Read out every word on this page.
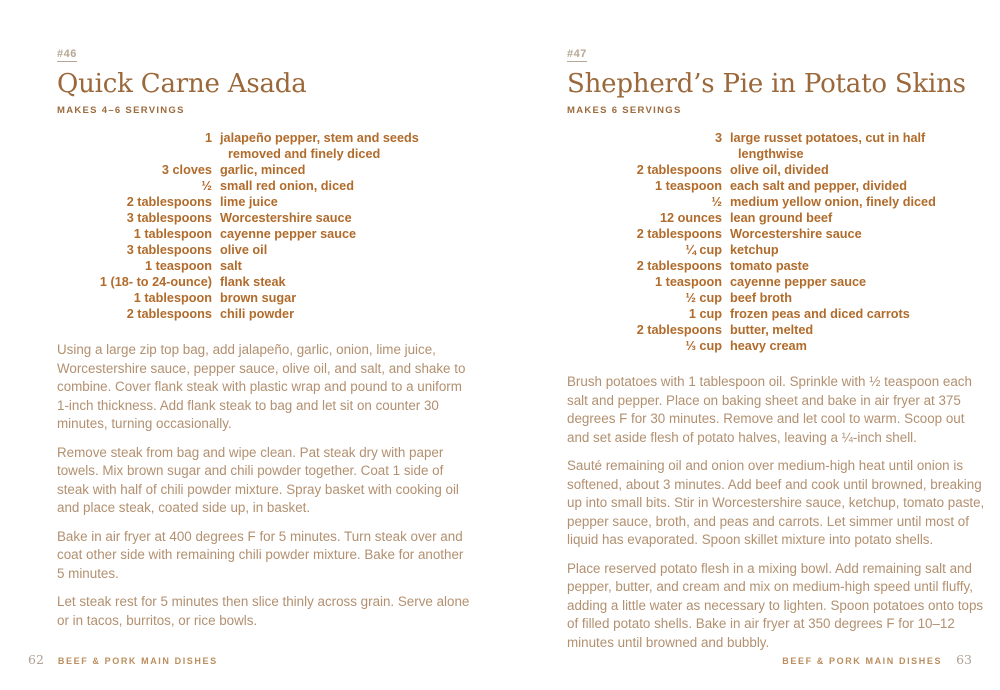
#46
Quick Carne Asada
MAKES 4–6 SERVINGS
1 jalapeño pepper, stem and seeds removed and finely diced
3 cloves garlic, minced
½ small red onion, diced
2 tablespoons lime juice
3 tablespoons Worcestershire sauce
1 tablespoon cayenne pepper sauce
3 tablespoons olive oil
1 teaspoon salt
1 (18- to 24-ounce) flank steak
1 tablespoon brown sugar
2 tablespoons chili powder

Using a large zip top bag, add jalapeño, garlic, onion, lime juice, Worcestershire sauce, pepper sauce, olive oil, and salt, and shake to combine. Cover flank steak with plastic wrap and pound to a uniform 1-inch thickness. Add flank steak to bag and let sit on counter 30 minutes, turning occasionally.

Remove steak from bag and wipe clean. Pat steak dry with paper towels. Mix brown sugar and chili powder together. Coat 1 side of steak with half of chili powder mixture. Spray basket with cooking oil and place steak, coated side up, in basket.

Bake in air fryer at 400 degrees F for 5 minutes. Turn steak over and coat other side with remaining chili powder mixture. Bake for another 5 minutes.

Let steak rest for 5 minutes then slice thinly across grain. Serve alone or in tacos, burritos, or rice bowls.

#47
Shepherd’s Pie in Potato Skins
MAKES 6 SERVINGS
3 large russet potatoes, cut in half lengthwise
2 tablespoons olive oil, divided
1 teaspoon each salt and pepper, divided
½ medium yellow onion, finely diced
12 ounces lean ground beef
2 tablespoons Worcestershire sauce
¼ cup ketchup
2 tablespoons tomato paste
1 teaspoon cayenne pepper sauce
½ cup beef broth
1 cup frozen peas and diced carrots
2 tablespoons butter, melted
⅓ cup heavy cream

Brush potatoes with 1 tablespoon oil. Sprinkle with ½ teaspoon each salt and pepper. Place on baking sheet and bake in air fryer at 375 degrees F for 30 minutes. Remove and let cool to warm. Scoop out and set aside flesh of potato halves, leaving a ¼-inch shell.

Sauté remaining oil and onion over medium-high heat until onion is softened, about 3 minutes. Add beef and cook until browned, breaking up into small bits. Stir in Worcestershire sauce, ketchup, tomato paste, pepper sauce, broth, and peas and carrots. Let simmer until most of liquid has evaporated. Spoon skillet mixture into potato shells.

Place reserved potato flesh in a mixing bowl. Add remaining salt and pepper, butter, and cream and mix on medium-high speed until fluffy, adding a little water as necessary to lighten. Spoon potatoes onto tops of filled potato shells. Bake in air fryer at 350 degrees F for 10–12 minutes until browned and bubbly.

62 BEEF & PORK MAIN DISHES	BEEF & PORK MAIN DISHES 63
